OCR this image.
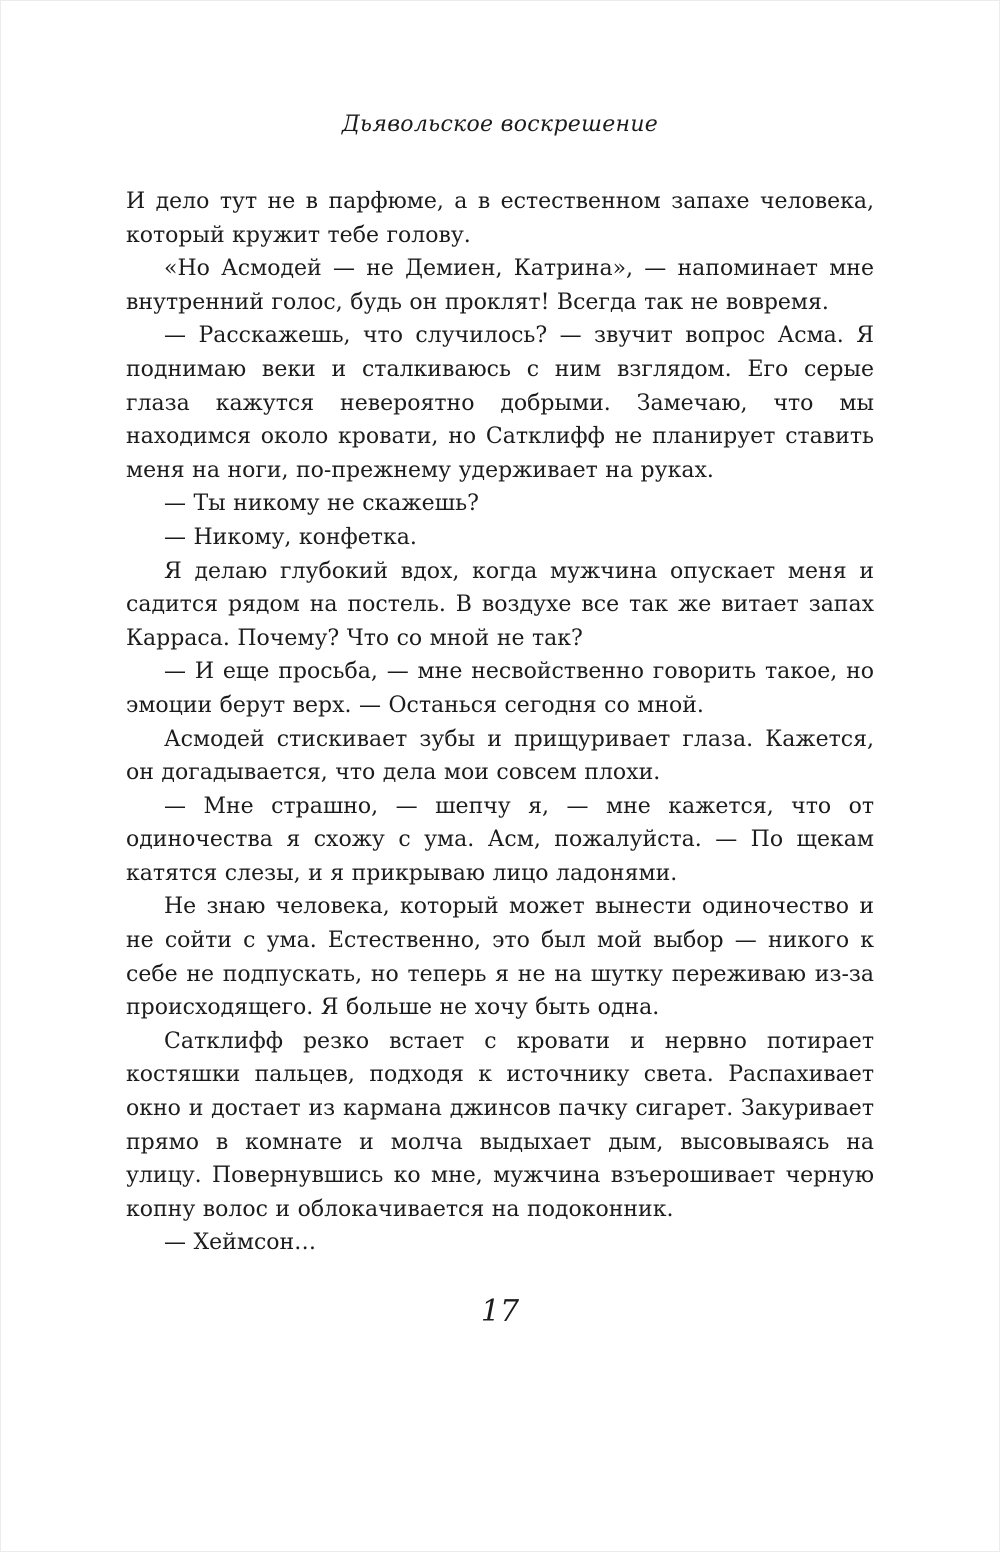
Дьявольское воскрешение

И дело тут не в парфюме, а в естественном запахе человека, который кружит тебе голову.

«Но Асмодей — не Демиен, Катрина», — напоминает мне внутренний голос, будь он проклят! Всегда так не вовремя.

— Расскажешь, что случилось? — звучит вопрос Асма. Я поднимаю веки и сталкиваюсь с ним взглядом. Его серые глаза кажутся невероятно добрыми. Замечаю, что мы находимся около кровати, но Сатклифф не планирует ставить меня на ноги, по-прежнему удерживает на руках.

— Ты никому не скажешь?

— Никому, конфетка.

Я делаю глубокий вдох, когда мужчина опускает меня и садится рядом на постель. В воздухе все так же витает запах Карраса. Почему? Что со мной не так?

— И еще просьба, — мне несвойственно говорить такое, но эмоции берут верх. — Останься сегодня со мной.

Асмодей стискивает зубы и прищуривает глаза. Кажется, он догадывается, что дела мои совсем плохи.

— Мне страшно, — шепчу я, — мне кажется, что от одиночества я схожу с ума. Асм, пожалуйста. — По щекам катятся слезы, и я прикрываю лицо ладонями.

Не знаю человека, который может вынести одиночество и не сойти с ума. Естественно, это был мой выбор — никого к себе не подпускать, но теперь я не на шутку переживаю из-за происходящего. Я больше не хочу быть одна.

Сатклифф резко встает с кровати и нервно потирает костяшки пальцев, подходя к источнику света. Распахивает окно и достает из кармана джинсов пачку сигарет. Закуривает прямо в комнате и молча выдыхает дым, высовываясь на улицу. Повернувшись ко мне, мужчина взъерошивает черную копну волос и облокачивается на подоконник.

— Хеймсон…

17
